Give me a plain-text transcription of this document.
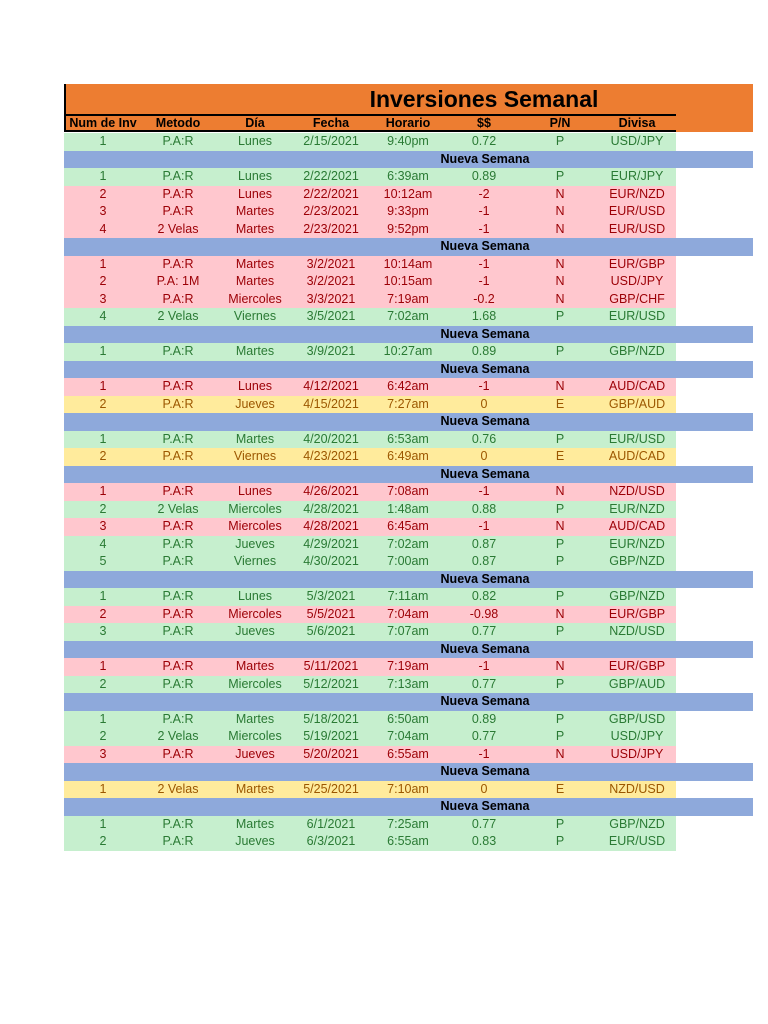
Inversiones Semanal
Num de Inv	Metodo	Día	Fecha	Horario	$$	P/N	Divisa
1	P.A:R	Lunes	2/15/2021	9:40pm	0.72	P	USD/JPY
Nueva Semana
1	P.A:R	Lunes	2/22/2021	6:39am	0.89	P	EUR/JPY
2	P.A:R	Lunes	2/22/2021	10:12am	-2	N	EUR/NZD
3	P.A:R	Martes	2/23/2021	9:33pm	-1	N	EUR/USD
4	2 Velas	Martes	2/23/2021	9:52pm	-1	N	EUR/USD
Nueva Semana
1	P.A:R	Martes	3/2/2021	10:14am	-1	N	EUR/GBP
2	P.A: 1M	Martes	3/2/2021	10:15am	-1	N	USD/JPY
3	P.A:R	Miercoles	3/3/2021	7:19am	-0.2	N	GBP/CHF
4	2 Velas	Viernes	3/5/2021	7:02am	1.68	P	EUR/USD
Nueva Semana
1	P.A:R	Martes	3/9/2021	10:27am	0.89	P	GBP/NZD
Nueva Semana
1	P.A:R	Lunes	4/12/2021	6:42am	-1	N	AUD/CAD
2	P.A:R	Jueves	4/15/2021	7:27am	0	E	GBP/AUD
Nueva Semana
1	P.A:R	Martes	4/20/2021	6:53am	0.76	P	EUR/USD
2	P.A:R	Viernes	4/23/2021	6:49am	0	E	AUD/CAD
Nueva Semana
1	P.A:R	Lunes	4/26/2021	7:08am	-1	N	NZD/USD
2	2 Velas	Miercoles	4/28/2021	1:48am	0.88	P	EUR/NZD
3	P.A:R	Miercoles	4/28/2021	6:45am	-1	N	AUD/CAD
4	P.A:R	Jueves	4/29/2021	7:02am	0.87	P	EUR/NZD
5	P.A:R	Viernes	4/30/2021	7:00am	0.87	P	GBP/NZD
Nueva Semana
1	P.A:R	Lunes	5/3/2021	7:11am	0.82	P	GBP/NZD
2	P.A:R	Miercoles	5/5/2021	7:04am	-0.98	N	EUR/GBP
3	P.A:R	Jueves	5/6/2021	7:07am	0.77	P	NZD/USD
Nueva Semana
1	P.A:R	Martes	5/11/2021	7:19am	-1	N	EUR/GBP
2	P.A:R	Miercoles	5/12/2021	7:13am	0.77	P	GBP/AUD
Nueva Semana
1	P.A:R	Martes	5/18/2021	6:50am	0.89	P	GBP/USD
2	2 Velas	Miercoles	5/19/2021	7:04am	0.77	P	USD/JPY
3	P.A:R	Jueves	5/20/2021	6:55am	-1	N	USD/JPY
Nueva Semana
1	2 Velas	Martes	5/25/2021	7:10am	0	E	NZD/USD
Nueva Semana
1	P.A:R	Martes	6/1/2021	7:25am	0.77	P	GBP/NZD
2	P.A:R	Jueves	6/3/2021	6:55am	0.83	P	EUR/USD
